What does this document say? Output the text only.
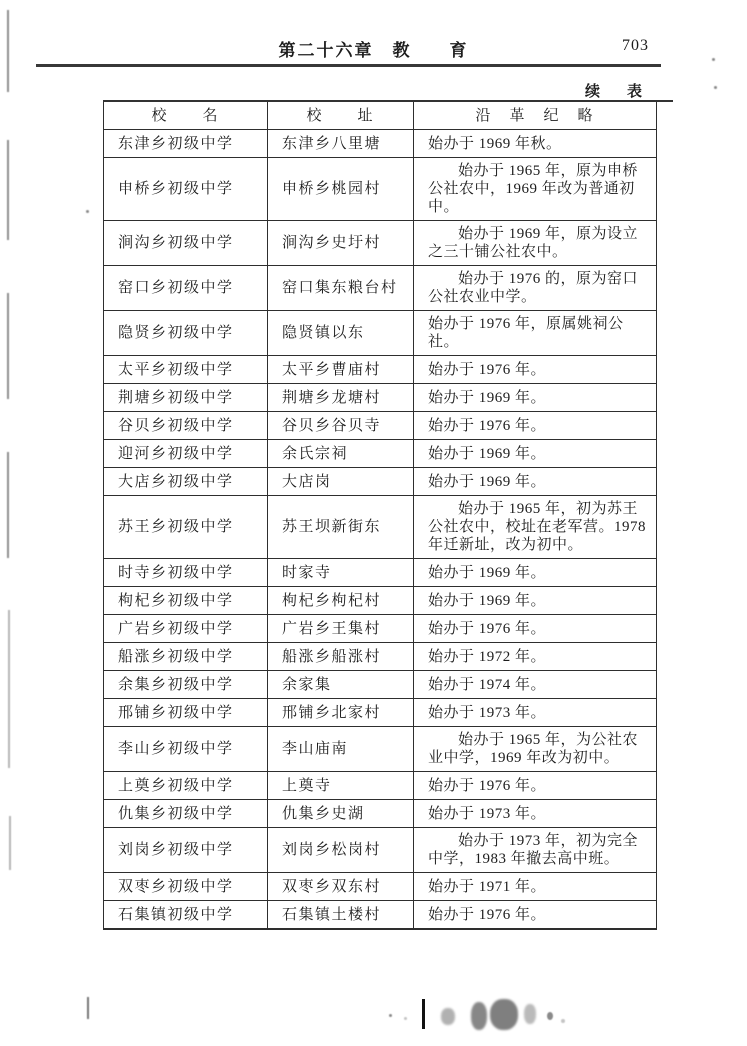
第二十六章　教　　育	703
续　表
校　　名	校　　址	沿　革　纪　略
东津乡初级中学	东津乡八里塘	始办于 1969 年秋。
申桥乡初级中学	申桥乡桃园村	始办于 1965 年，原为申桥公社农中，1969 年改为普通初中。
涧沟乡初级中学	涧沟乡史圩村	始办于 1969 年，原为设立之三十铺公社农中。
窑口乡初级中学	窑口集东粮台村	始办于 1976 的，原为窑口公社农业中学。
隐贤乡初级中学	隐贤镇以东	始办于 1976 年，原属姚祠公社。
太平乡初级中学	太平乡曹庙村	始办于 1976 年。
荆塘乡初级中学	荆塘乡龙塘村	始办于 1969 年。
谷贝乡初级中学	谷贝乡谷贝寺	始办于 1976 年。
迎河乡初级中学	余氏宗祠	始办于 1969 年。
大店乡初级中学	大店岗	始办于 1969 年。
苏王乡初级中学	苏王坝新街东	始办于 1965 年，初为苏王公社农中，校址在老军营。1978 年迁新址，改为初中。
时寺乡初级中学	时家寺	始办于 1969 年。
枸杞乡初级中学	枸杞乡枸杞村	始办于 1969 年。
广岩乡初级中学	广岩乡王集村	始办于 1976 年。
船涨乡初级中学	船涨乡船涨村	始办于 1972 年。
余集乡初级中学	余家集	始办于 1974 年。
邢铺乡初级中学	邢铺乡北家村	始办于 1973 年。
李山乡初级中学	李山庙南	始办于 1965 年，为公社农业中学，1969 年改为初中。
上奠乡初级中学	上奠寺	始办于 1976 年。
仇集乡初级中学	仇集乡史湖	始办于 1973 年。
刘岗乡初级中学	刘岗乡松岗村	始办于 1973 年，初为完全中学，1983 年撤去高中班。
双枣乡初级中学	双枣乡双东村	始办于 1971 年。
石集镇初级中学	石集镇土楼村	始办于 1976 年。
